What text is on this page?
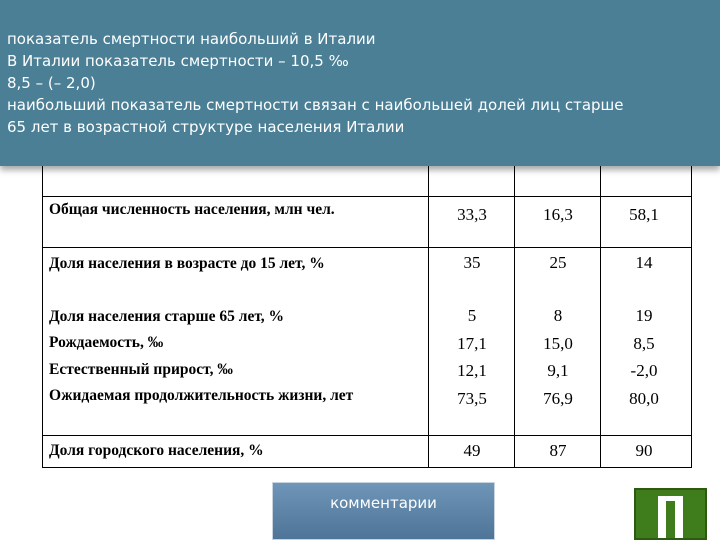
Общая численность населения, млн чел.	33,3	16,3	58,1
Доля населения в возрасте до 15 лет, %	35	25	14
Доля населения старше 65 лет, %	5	8	19
Рождаемость, ‰	17,1	15,0	8,5
Естественный прирост, ‰	12,1	9,1	-2,0
Ожидаемая продолжительность жизни, лет	73,5	76,9	80,0
Доля городского населения, %	49	87	90
показатель смертности наибольший в Италии
В Италии показатель смертности – 10,5 ‰
8,5 – (– 2,0)
наибольший показатель смертности связан с наибольшей долей лиц старше
65 лет в возрастной структуре населения Италии
комментарии
